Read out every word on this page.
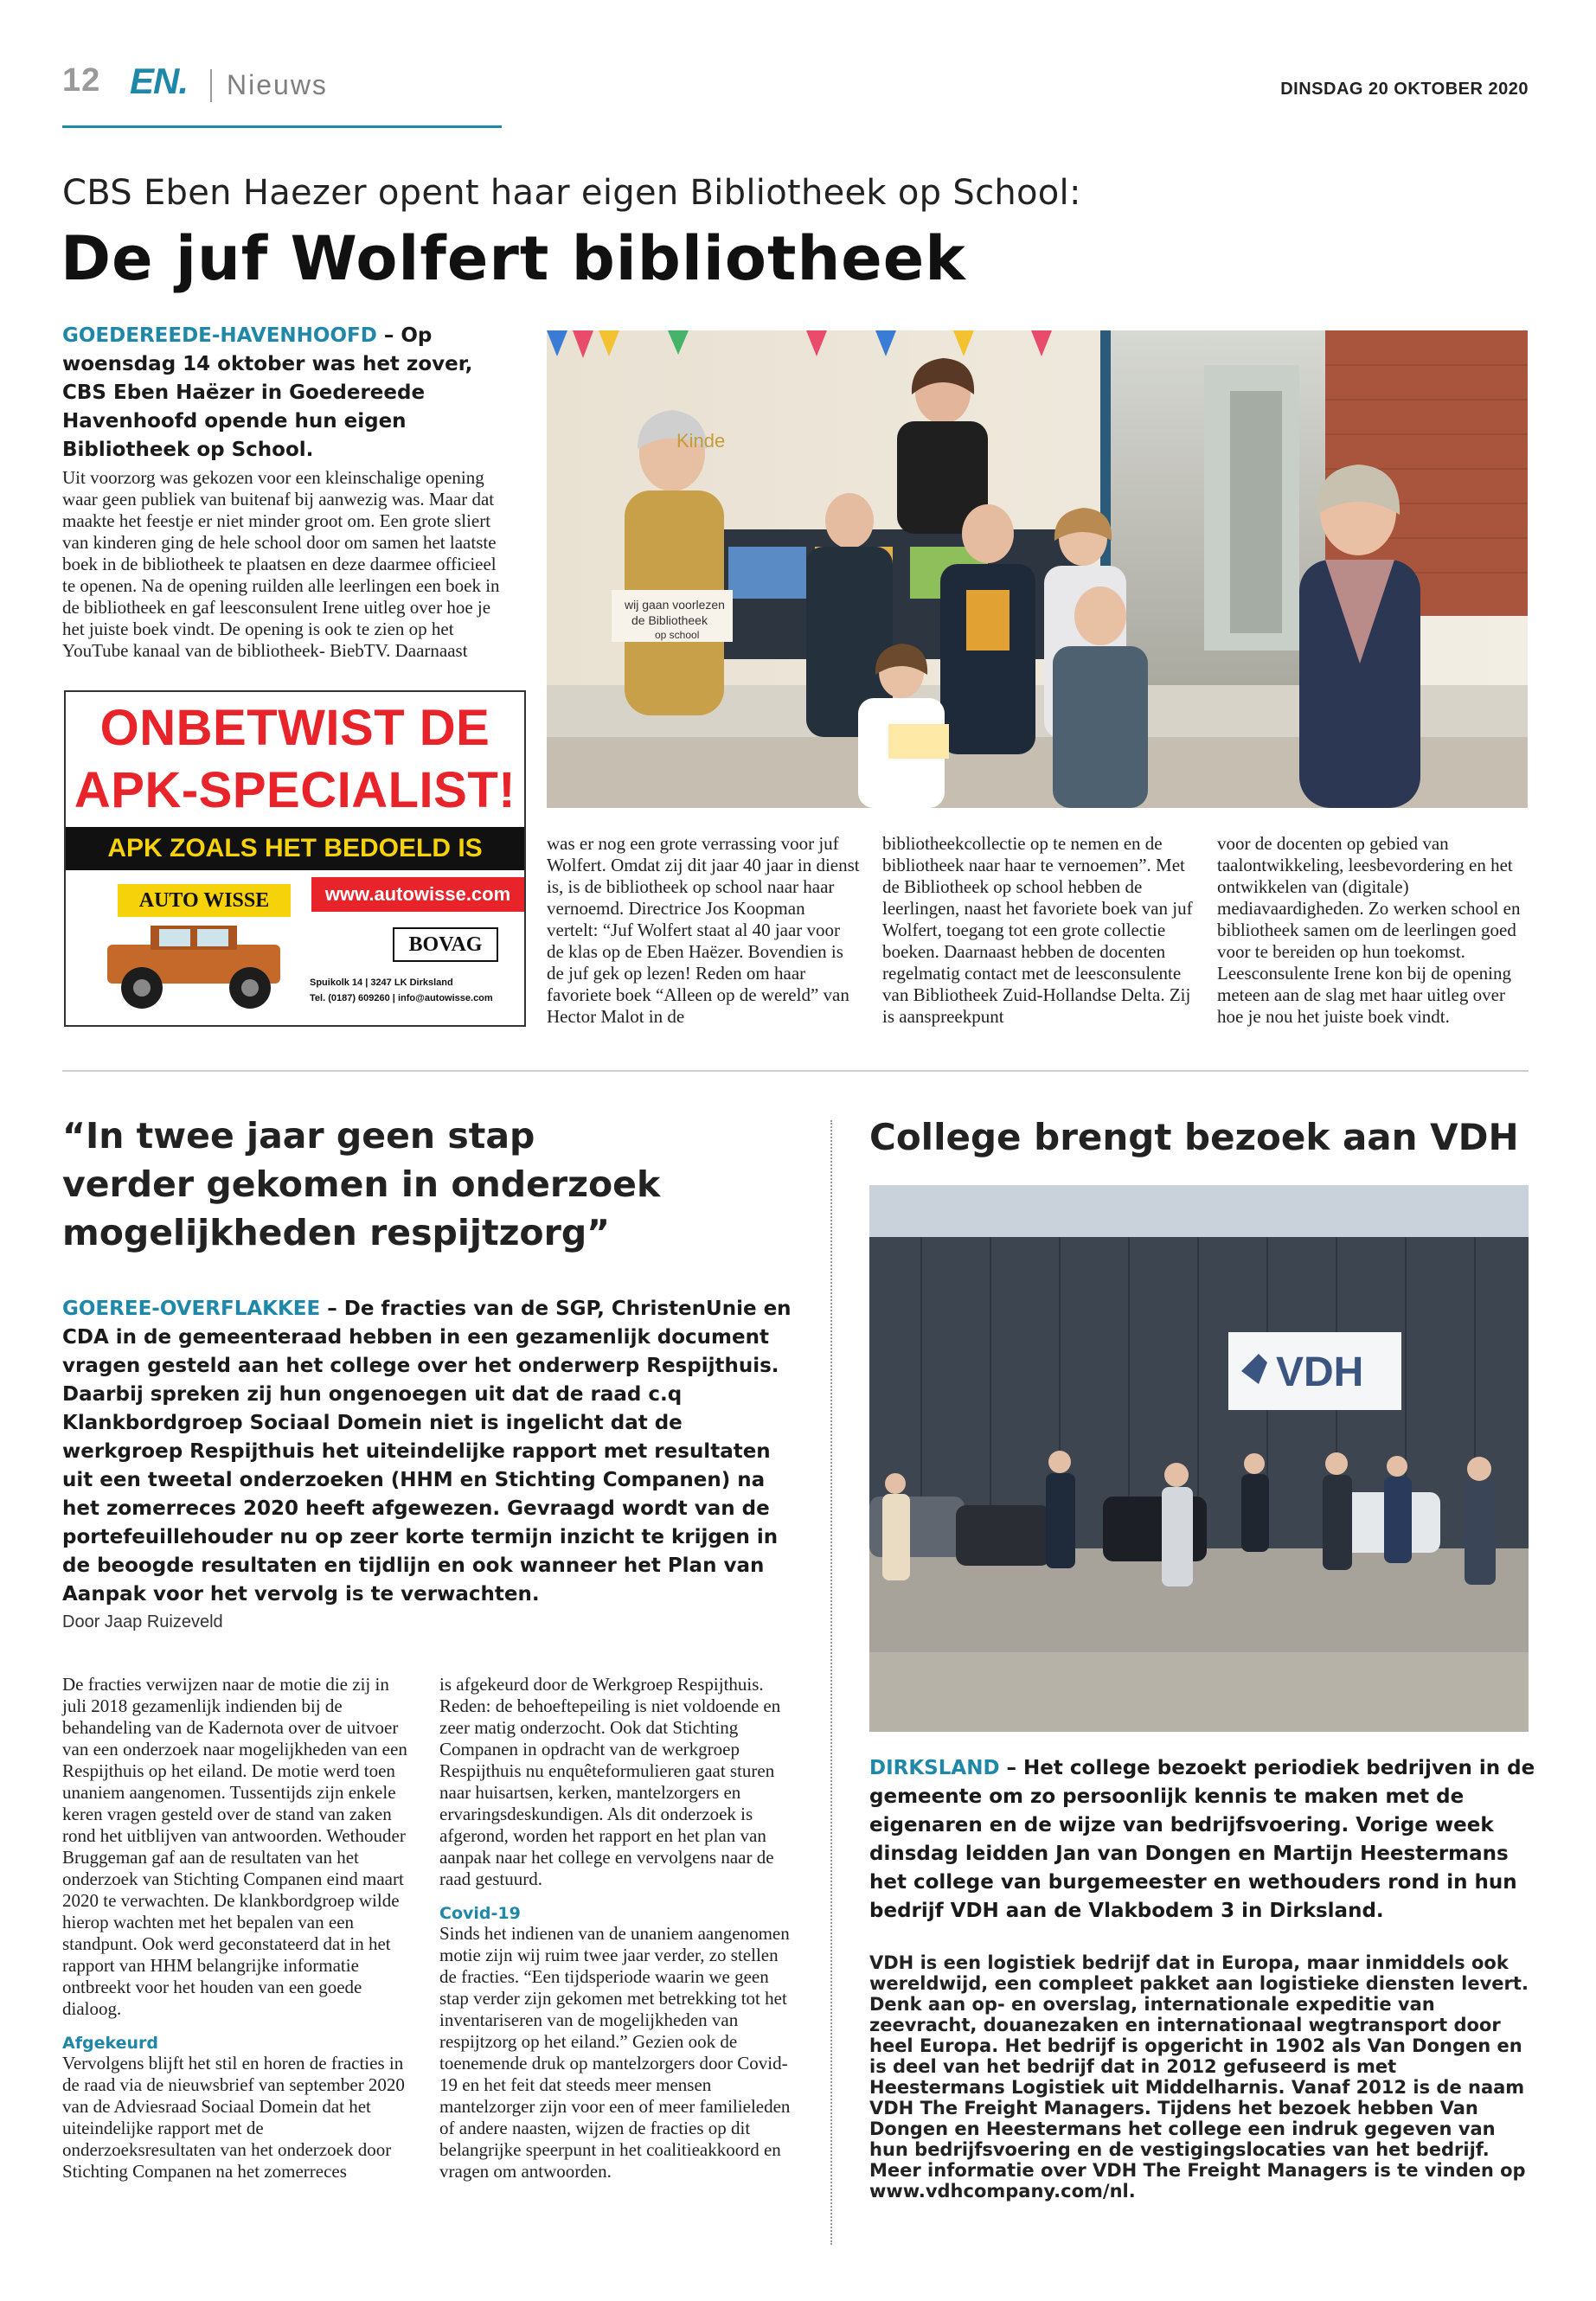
12 EN. Nieuws	DINSDAG 20 OKTOBER 2020
CBS Eben Haezer opent haar eigen Bibliotheek op School:
De juf Wolfert bibliotheek

GOEDEREEDE-HAVENHOOFD – Op woensdag 14 oktober was het zover, CBS Eben Haëzer in Goedereede Havenhoofd opende hun eigen Bibliotheek op School.

Uit voorzorg was gekozen voor een kleinschalige opening waar geen publiek van buitenaf bij aanwezig was. Maar dat maakte het feestje er niet minder groot om. Een grote sliert van kinderen ging de hele school door om samen het laatste boek in de bibliotheek te plaatsen en deze daarmee officieel te openen. Na de opening ruilden alle leerlingen een boek in de bibliotheek en gaf leesconsulent Irene uitleg over hoe je het juiste boek vindt. De opening is ook te zien op het YouTube kanaal van de bibliotheek- BiebTV. Daarnaast

wij gaan voorlezen
de Bibliotheek
op school
Kinde

was er nog een grote verrassing voor juf Wolfert. Omdat zij dit jaar 40 jaar in dienst is, is de bibliotheek op school naar haar vernoemd. Directrice Jos Koopman vertelt: “Juf Wolfert staat al 40 jaar voor de klas op de Eben Haëzer. Bovendien is de juf gek op lezen! Reden om haar favoriete boek “Alleen op de wereld” van Hector Malot in de

bibliotheekcollectie op te nemen en de bibliotheek naar haar te vernoemen”. Met de Bibliotheek op school hebben de leerlingen, naast het favoriete boek van juf Wolfert, toegang tot een grote collectie boeken. Daarnaast hebben de docenten regelmatig contact met de leesconsulente van Bibliotheek Zuid-Hollandse Delta. Zij is aanspreekpunt

voor de docenten op gebied van taalontwikkeling, leesbevordering en het ontwikkelen van (digitale) mediavaardigheden. Zo werken school en bibliotheek samen om de leerlingen goed voor te bereiden op hun toekomst. Leesconsulente Irene kon bij de opening meteen aan de slag met haar uitleg over hoe je nou het juiste boek vindt.

ONBETWIST DE
APK-SPECIALIST!
APK ZOALS HET BEDOELD IS
AUTO WISSE	www.autowisse.com
BOVAG
Spuikolk 14 | 3247 LK Dirksland
Tel. (0187) 609260 | info@autowisse.com
“In twee jaar geen stap verder gekomen in onderzoek mogelijkheden respijtzorg”

GOEREE-OVERFLAKKEE – De fracties van de SGP, ChristenUnie en CDA in de gemeenteraad hebben in een gezamenlijk document vragen gesteld aan het college over het onderwerp Respijthuis. Daarbij spreken zij hun ongenoegen uit dat de raad c.q Klankbordgroep Sociaal Domein niet is ingelicht dat de werkgroep Respijthuis het uiteindelijke rapport met resultaten uit een tweetal onderzoeken (HHM en Stichting Companen) na het zomerreces 2020 heeft afgewezen. Gevraagd wordt van de portefeuillehouder nu op zeer korte termijn inzicht te krijgen in de beoogde resultaten en tijdlijn en ook wanneer het Plan van Aanpak voor het vervolg is te verwachten.

Door Jaap Ruizeveld

De fracties verwijzen naar de motie die zij in juli 2018 gezamenlijk indienden bij de behandeling van de Kadernota over de uitvoer van een onderzoek naar mogelijkheden van een Respijthuis op het eiland. De motie werd toen unaniem aangenomen. Tussentijds zijn enkele keren vragen gesteld over de stand van zaken rond het uitblijven van antwoorden. Wethouder Bruggeman gaf aan de resultaten van het onderzoek van Stichting Companen eind maart 2020 te verwachten. De klankbordgroep wilde hierop wachten met het bepalen van een standpunt. Ook werd geconstateerd dat in het rapport van HHM belangrijke informatie ontbreekt voor het houden van een goede dialoog.

Afgekeurd

Vervolgens blijft het stil en horen de fracties in de raad via de nieuwsbrief van september 2020 van de Adviesraad Sociaal Domein dat het uiteindelijke rapport met de onderzoeksresultaten van het onderzoek door Stichting Companen na het zomerreces

is afgekeurd door de Werkgroep Respijthuis. Reden: de behoeftepeiling is niet voldoende en zeer matig onderzocht. Ook dat Stichting Companen in opdracht van de werkgroep Respijthuis nu enquêteformulieren gaat sturen naar huisartsen, kerken, mantelzorgers en ervaringsdeskundigen. Als dit onderzoek is afgerond, worden het rapport en het plan van aanpak naar het college en vervolgens naar de raad gestuurd.

Covid-19

Sinds het indienen van de unaniem aangenomen motie zijn wij ruim twee jaar verder, zo stellen de fracties. “Een tijdsperiode waarin we geen stap verder zijn gekomen met betrekking tot het inventariseren van de mogelijkheden van respijtzorg op het eiland.” Gezien ook de toenemende druk op mantelzorgers door Covid-19 en het feit dat steeds meer mensen mantelzorger zijn voor een of meer familieleden of andere naasten, wijzen de fracties op dit belangrijke speerpunt in het coalitieakkoord en vragen om antwoorden.

College brengt bezoek aan VDH
VDH

DIRKSLAND – Het college bezoekt periodiek bedrijven in de gemeente om zo persoonlijk kennis te maken met de eigenaren en de wijze van bedrijfsvoering. Vorige week dinsdag leidden Jan van Dongen en Martijn Heestermans het college van burgemeester en wethouders rond in hun bedrijf VDH aan de Vlakbodem 3 in Dirksland.

VDH is een logistiek bedrijf dat in Europa, maar inmiddels ook wereldwijd, een compleet pakket aan logistieke diensten levert. Denk aan op- en overslag, internationale expeditie van zeevracht, douanezaken en internationaal wegtransport door heel Europa. Het bedrijf is opgericht in 1902 als Van Dongen en is deel van het bedrijf dat in 2012 gefuseerd is met Heestermans Logistiek uit Middelharnis. Vanaf 2012 is de naam VDH The Freight Managers. Tijdens het bezoek hebben Van Dongen en Heestermans het college een indruk gegeven van hun bedrijfsvoering en de vestigingslocaties van het bedrijf. Meer informatie over VDH The Freight Managers is te vinden op www.vdhcompany.com/nl.
